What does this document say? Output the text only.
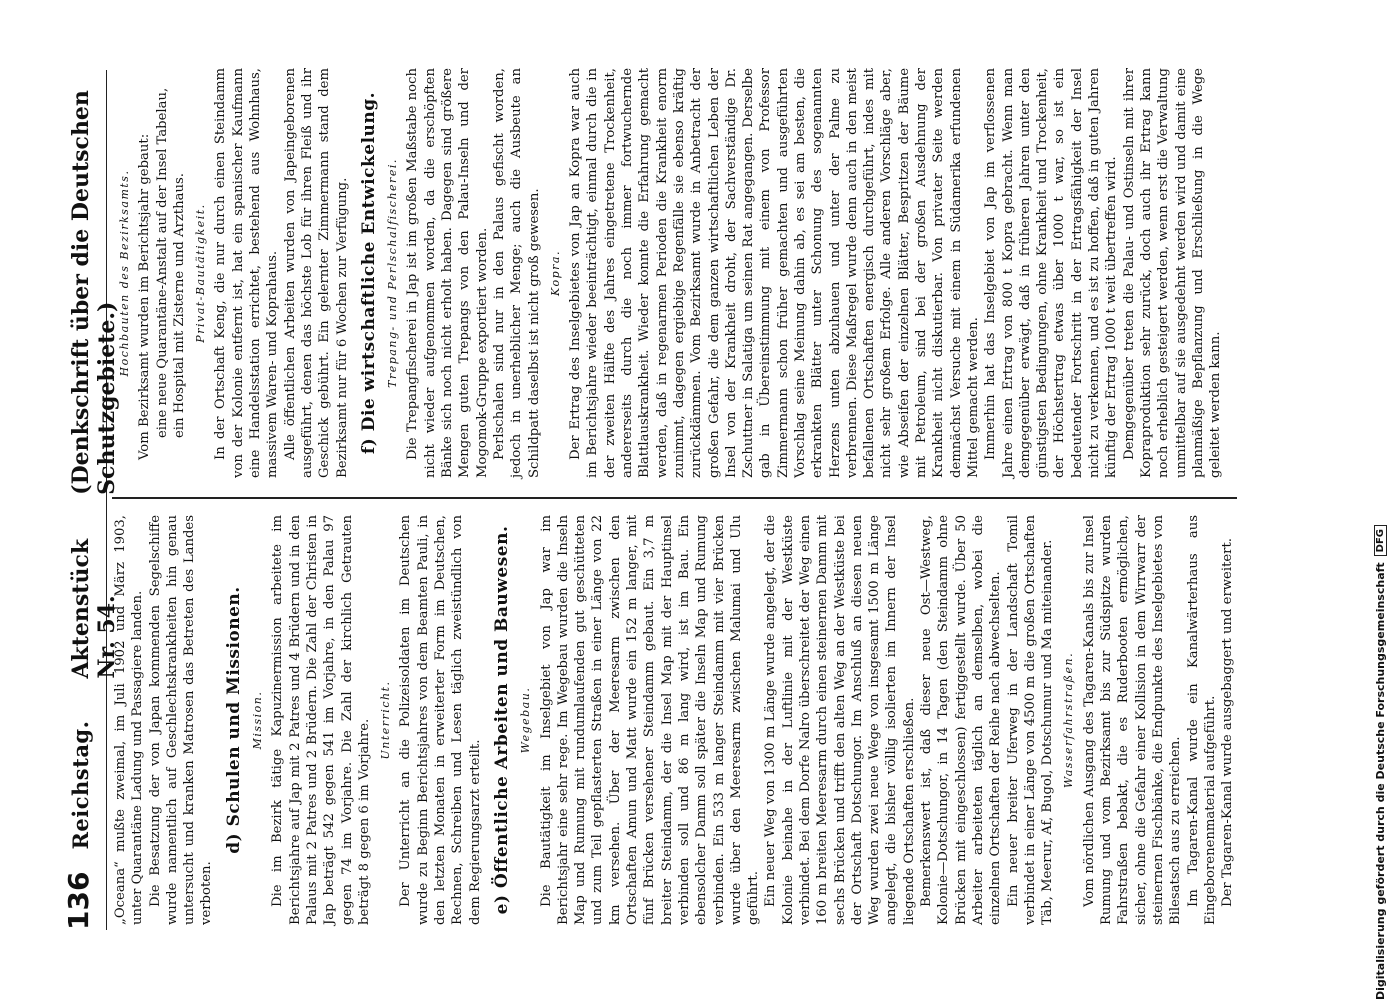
136
Reichstag.
Aktenstück Nr. 54.
(Denkschrift über die Deutschen Schutzgebiete.)

„Oceana“ mußte zweimal, im Juli 1902 und März 1903, unter Quarantäne Ladung und Passagiere landen. Die Besatzung der von Japan kommenden Segelschiffe wurde namentlich auf Geschlechtskrankheiten hin genau untersucht und kranken Matrosen das Betreten des Landes verboten.

d) Schulen und Missionen. Mission. Die im Bezirk tätige Kapuzinermission arbeitete im Berichtsjahre auf Jap mit 2 Patres und 4 Brüdern und in den Palaus mit 2 Patres und 2 Brüdern. Die Zahl der Christen in Jap beträgt 542 gegen 541 im Vorjahre, in den Palau 97 gegen 74 im Vorjahre. Die Zahl der kirchlich Getrauten beträgt 8 gegen 6 im Vorjahre. Unterricht. Der Unterricht an die Polizeisoldaten im Deutschen wurde zu Beginn Berichtsjahres von dem Beamten Pauli, in den letzten Monaten in erweiterter Form im Deutschen, Rechnen, Schreiben und Lesen täglich zweistündlich von dem Regierungsarzt erteilt. e) Öffentliche Arbeiten und Bauwesen. Wegebau. Die Bautätigkeit im Inselgebiet von Jap war im Berichtsjahr eine sehr rege. Im Wegebau wurden die Inseln Map und Rumung mit rundumlaufenden gut geschütteten und zum Teil gepflasterten Straßen in einer Länge von 22 km versehen. Über der Meeresarm zwischen den Ortschaften Amun und Matt wurde ein 152 m langer, mit fünf Brücken versehener Steindamm gebaut. Ein 3,7 m breiter Steindamm, der die Insel Map mit der Hauptinsel verbinden soll und 86 m lang wird, ist im Bau. Ein ebensolcher Damm soll später die Inseln Map und Rumung verbinden. Ein 533 m langer Steindamm mit vier Brücken wurde über den Meeresarm zwischen Malumai und Ulu geführt. Ein neuer Weg von 1300 m Länge wurde angelegt, der die Kolonie beinahe in der Luftlinie mit der Westküste verbindet. Bei dem Dorfe Nalro überschreitet der Weg einen 160 m breiten Meeresarm durch einen steinernen Damm mit sechs Brücken und trifft den alten Weg an der Westküste bei der Ortschaft Dotschungor. Im Anschluß an diesen neuen Weg wurden zwei neue Wege von insgesamt 1500 m Länge angelegt, die bisher völlig isolierten im Innern der Insel liegende Ortschaften erschließen. Bemerkenswert ist, daß dieser neue Ost—Westweg, Kolonie—Dotschungor, in 14 Tagen (den Steindamm ohne Brücken mit eingeschlossen) fertiggestellt wurde. Über 50 Arbeiter arbeiteten täglich an demselben, wobei die einzelnen Ortschaften der Reihe nach abwechselten. Ein neuer breiter Uferweg in der Landschaft Tomil verbindet in einer Länge von 4500 m die großen Ortschaften Täb, Meerur, Af, Bugol, Dotschumur und Ma miteinander. Wasserfahrstraßen. Vom nördlichen Ausgang des Tagaren-Kanals bis zur Insel Rumung und vom Bezirksamt bis zur Südspitze wurden Fahrstraßen bebakt, die es Ruderbooten ermöglichen, sicher, ohne die Gefahr einer Kollision in dem Wirrwarr der steinernen Fischbänke, die Endpunkte des Inselgebietes von Bilesatsch aus zu erreichen. Im Tagaren-Kanal wurde ein Kanalwärterhaus aus Eingeborenenmaterial aufgeführt. Der Tagaren-Kanal wurde ausgebaggert und erweitert.

Hochbauten des Bezirksamts. Vom Bezirksamt wurden im Berichtsjahr gebaut: eine neue Quarantäne-Anstalt auf der Insel Tabelau, ein Hospital mit Zisterne und Arzthaus. Privat-Bautätigkeit. In der Ortschaft Keng, die nur durch einen Steindamm von der Kolonie entfernt ist, hat ein spanischer Kaufmann eine Handelsstation errichtet, bestehend aus Wohnhaus, massivem Waren- und Koprahaus. Alle öffentlichen Arbeiten wurden von Japeingeborenen ausgeführt, denen das höchste Lob für ihren Fleiß und ihr Geschick gebührt. Ein gelernter Zimmermann stand dem Bezirksamt nur für 6 Wochen zur Verfügung. f) Die wirtschaftliche Entwickelung. Trepang- und Perlschalfischerei. Die Trepangfischerei in Jap ist im großen Maßstabe noch nicht wieder aufgenommen worden, da die erschöpften Bänke sich noch nicht erholt haben. Dagegen sind größere Mengen guten Trepangs von den Palau-Inseln und der Mogomok-Gruppe exportiert worden. Perlschalen sind nur in den Palaus gefischt worden, jedoch in unerheblicher Menge; auch die Ausbeute an Schildpatt daselbst ist nicht groß gewesen. Kopra. Der Ertrag des Inselgebietes von Jap an Kopra war auch im Berichtsjahre wieder beeinträchtigt, einmal durch die in der zweiten Hälfte des Jahres eingetretene Trockenheit, andererseits durch die noch immer fortwuchernde Blattlauskrankheit. Wieder konnte die Erfahrung gemacht werden, daß in regenarmen Perioden die Krankheit enorm zunimmt, dagegen ergiebige Regenfälle sie ebenso kräftig zurückdämmen. Vom Bezirksamt wurde in Anbetracht der großen Gefahr, die dem ganzen wirtschaftlichen Leben der Insel von der Krankheit droht, der Sachverständige Dr. Zschuttner in Salatiga um seinen Rat angegangen. Derselbe gab in Übereinstimmung mit einem von Professor Zimmermann schon früher gemachten und ausgeführten Vorschlag seine Meinung dahin ab, es sei am besten, die erkrankten Blätter unter Schonung des sogenannten Herzens unten abzuhauen und unter der Palme zu verbrennen. Diese Maßregel wurde denn auch in den meist befallenen Ortschaften energisch durchgeführt, indes mit nicht sehr großem Erfolge. Alle anderen Vorschläge aber, wie Abseifen der einzelnen Blätter, Bespritzen der Bäume mit Petroleum, sind bei der großen Ausdehnung der Krankheit nicht diskutierbar. Von privater Seite werden demnächst Versuche mit einem in Südamerika erfundenen Mittel gemacht werden. Immerhin hat das Inselgebiet von Jap im verflossenen Jahre einen Ertrag von 800 t Kopra gebracht. Wenn man demgegenüber erwägt, daß in früheren Jahren unter den günstigsten Bedingungen, ohne Krankheit und Trockenheit, der Höchstertrag etwas über 1000 t war, so ist ein bedeutender Fortschritt in der Ertragsfähigkeit der Insel nicht zu verkennen, und es ist zu hoffen, daß in guten Jahren künftig der Ertrag 1000 t weit übertreffen wird. Demgegenüber treten die Palau- und Ostinseln mit ihrer Kopraproduktion sehr zurück, doch auch ihr Ertrag kann noch erheblich gesteigert werden, wenn erst die Verwaltung unmittelbar auf sie ausgedehnt werden wird und damit eine planmäßige Bepflanzung und Erschließung in die Wege geleitet werden kann.

Digitalisierung gefördert durch die Deutsche Forschungsgemeinschaft
DFG
